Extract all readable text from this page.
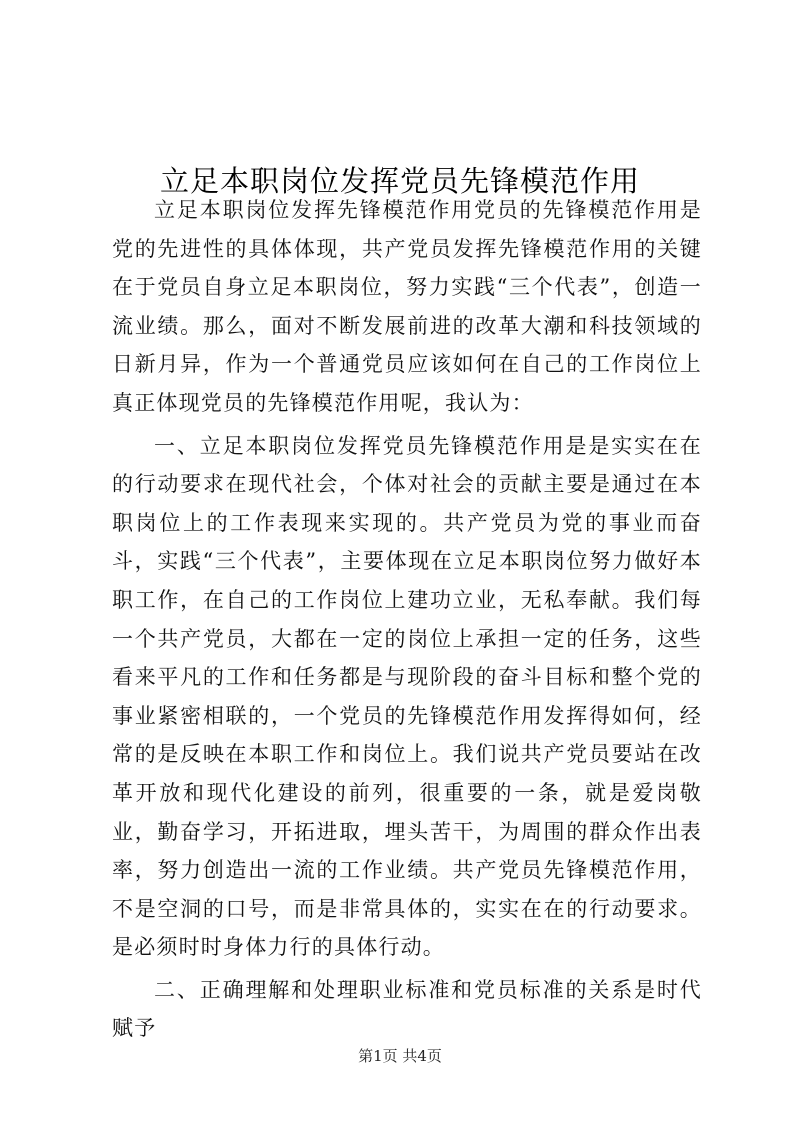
立足本职岗位发挥党员先锋模范作用

立足本职岗位发挥先锋模范作用党员的先锋模范作用是党的先进性的具体体现，共产党员发挥先锋模范作用的关键在于党员自身立足本职岗位，努力实践“三个代表”，创造一流业绩。那么，面对不断发展前进的改革大潮和科技领域的日新月异，作为一个普通党员应该如何在自己的工作岗位上真正体现党员的先锋模范作用呢，我认为：

一、立足本职岗位发挥党员先锋模范作用是是实实在在的行动要求在现代社会，个体对社会的贡献主要是通过在本职岗位上的工作表现来实现的。共产党员为党的事业而奋斗，实践“三个代表”，主要体现在立足本职岗位努力做好本职工作，在自己的工作岗位上建功立业，无私奉献。我们每一个共产党员，大都在一定的岗位上承担一定的任务，这些看来平凡的工作和任务都是与现阶段的奋斗目标和整个党的事业紧密相联的，一个党员的先锋模范作用发挥得如何，经常的是反映在本职工作和岗位上。我们说共产党员要站在改革开放和现代化建设的前列，很重要的一条，就是爱岗敬业，勤奋学习，开拓进取，埋头苦干，为周围的群众作出表率，努力创造出一流的工作业绩。共产党员先锋模范作用，不是空洞的口号，而是非常具体的，实实在在的行动要求。是必须时时身体力行的具体行动。

二、正确理解和处理职业标准和党员标准的关系是时代赋予

第1页 共4页
